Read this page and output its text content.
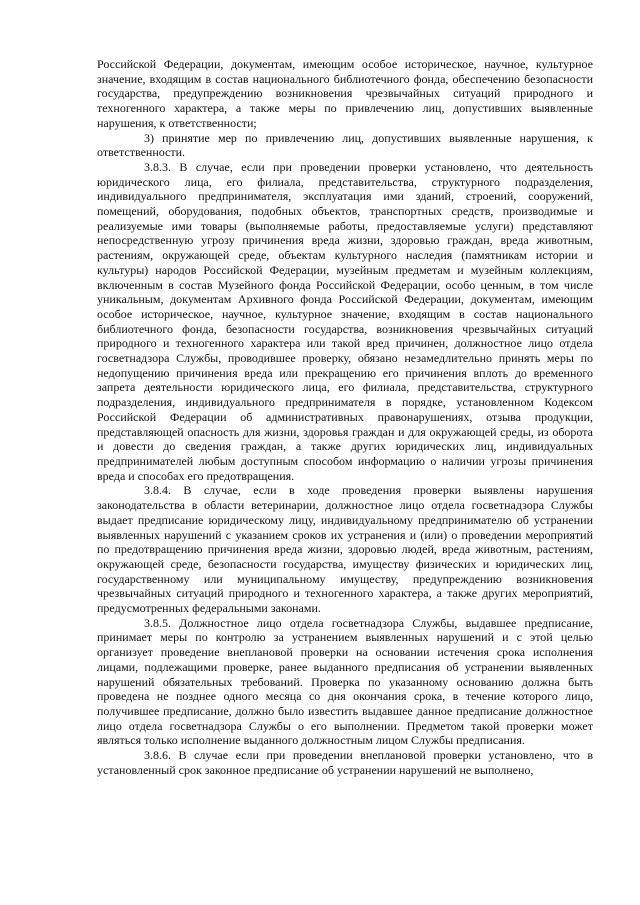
Российской Федерации, документам, имеющим особое историческое, научное, культурное значение, входящим в состав национального библиотечного фонда, обеспечению безопасности государства, предупреждению возникновения чрезвычайных ситуаций природного и техногенного характера, а также меры по привлечению лиц, допустивших выявленные нарушения, к ответственности;

3) принятие мер по привлечению лиц, допустивших выявленные нарушения, к ответственности.

3.8.3. В случае, если при проведении проверки установлено, что деятельность юридического лица, его филиала, представительства, структурного подразделения, индивидуального предпринимателя, эксплуатация ими зданий, строений, сооружений, помещений, оборудования, подобных объектов, транспортных средств, производимые и реализуемые ими товары (выполняемые работы, предоставляемые услуги) представляют непосредственную угрозу причинения вреда жизни, здоровью граждан, вреда животным, растениям, окружающей среде, объектам культурного наследия (памятникам истории и культуры) народов Российской Федерации, музейным предметам и музейным коллекциям, включенным в состав Музейного фонда Российской Федерации, особо ценным, в том числе уникальным, документам Архивного фонда Российской Федерации, документам, имеющим особое историческое, научное, культурное значение, входящим в состав национального библиотечного фонда, безопасности государства, возникновения чрезвычайных ситуаций природного и техногенного характера или такой вред причинен, должностное лицо отдела госветнадзора Службы, проводившее проверку, обязано незамедлительно принять меры по недопущению причинения вреда или прекращению его причинения вплоть до временного запрета деятельности юридического лица, его филиала, представительства, структурного подразделения, индивидуального предпринимателя в порядке, установленном Кодексом Российской Федерации об административных правонарушениях, отзыва продукции, представляющей опасность для жизни, здоровья граждан и для окружающей среды, из оборота и довести до сведения граждан, а также других юридических лиц, индивидуальных предпринимателей любым доступным способом информацию о наличии угрозы причинения вреда и способах его предотвращения.

3.8.4. В случае, если в ходе проведения проверки выявлены нарушения законодательства в области ветеринарии, должностное лицо отдела госветнадзора Службы выдает предписание юридическому лицу, индивидуальному предпринимателю об устранении выявленных нарушений с указанием сроков их устранения и (или) о проведении мероприятий по предотвращению причинения вреда жизни, здоровью людей, вреда животным, растениям, окружающей среде, безопасности государства, имуществу физических и юридических лиц, государственному или муниципальному имуществу, предупреждению возникновения чрезвычайных ситуаций природного и техногенного характера, а также других мероприятий, предусмотренных федеральными законами.

3.8.5. Должностное лицо отдела госветнадзора Службы, выдавшее предписание, принимает меры по контролю за устранением выявленных нарушений и с этой целью организует проведение внеплановой проверки на основании истечения срока исполнения лицами, подлежащими проверке, ранее выданного предписания об устранении выявленных нарушений обязательных требований. Проверка по указанному основанию должна быть проведена не позднее одного месяца со дня окончания срока, в течение которого лицо, получившее предписание, должно было известить выдавшее данное предписание должностное лицо отдела госветнадзора Службы о его выполнении. Предметом такой проверки может являться только исполнение выданного должностным лицом Службы предписания.

3.8.6. В случае если при проведении внеплановой проверки установлено, что в установленный срок законное предписание об устранении нарушений не выполнено,
